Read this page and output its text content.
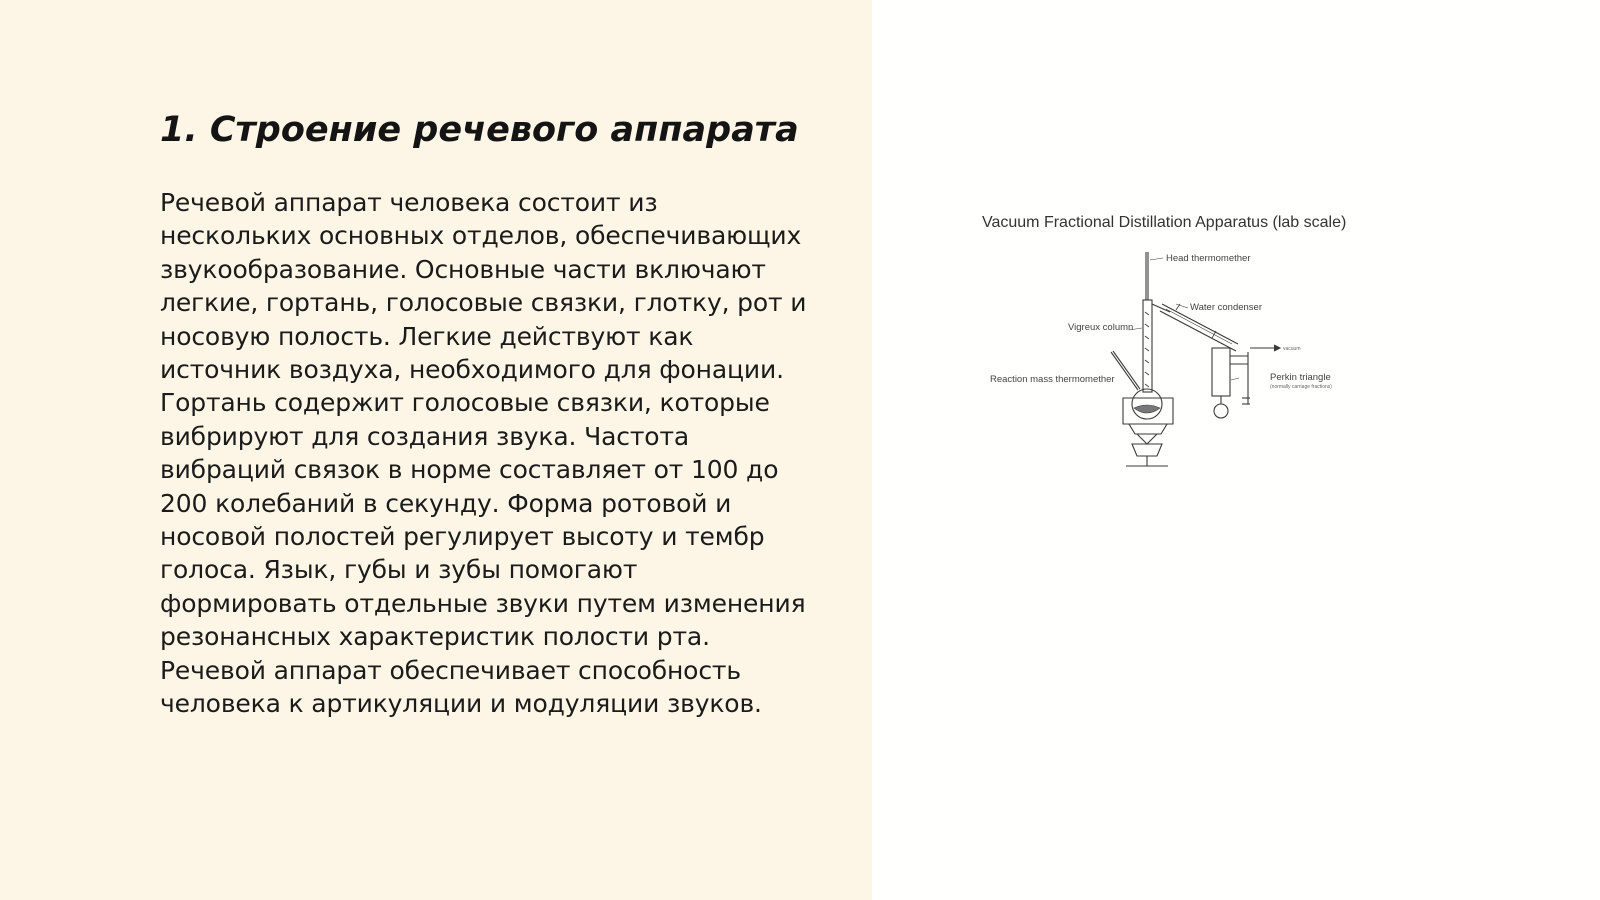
1. Строение речевого аппарата

Речевой аппарат человека состоит из
нескольких основных отделов, обеспечивающих
звукообразование. Основные части включают
легкие, гортань, голосовые связки, глотку, рот и
носовую полость. Легкие действуют как
источник воздуха, необходимого для фонации.
Гортань содержит голосовые связки, которые
вибрируют для создания звука. Частота
вибраций связок в норме составляет от 100 до
200 колебаний в секунду. Форма ротовой и
носовой полостей регулирует высоту и тембр
голоса. Язык, губы и зубы помогают
формировать отдельные звуки путем изменения
резонансных характеристик полости рта.
Речевой аппарат обеспечивает способность
человека к артикуляции и модуляции звуков.

Vacuum Fractional Distillation Apparatus (lab scale)
Head thermomether
Water condenser
Vigreux column
Reaction mass thermomether	Perkin triangle
(normally carriage fractions)
vacuum
